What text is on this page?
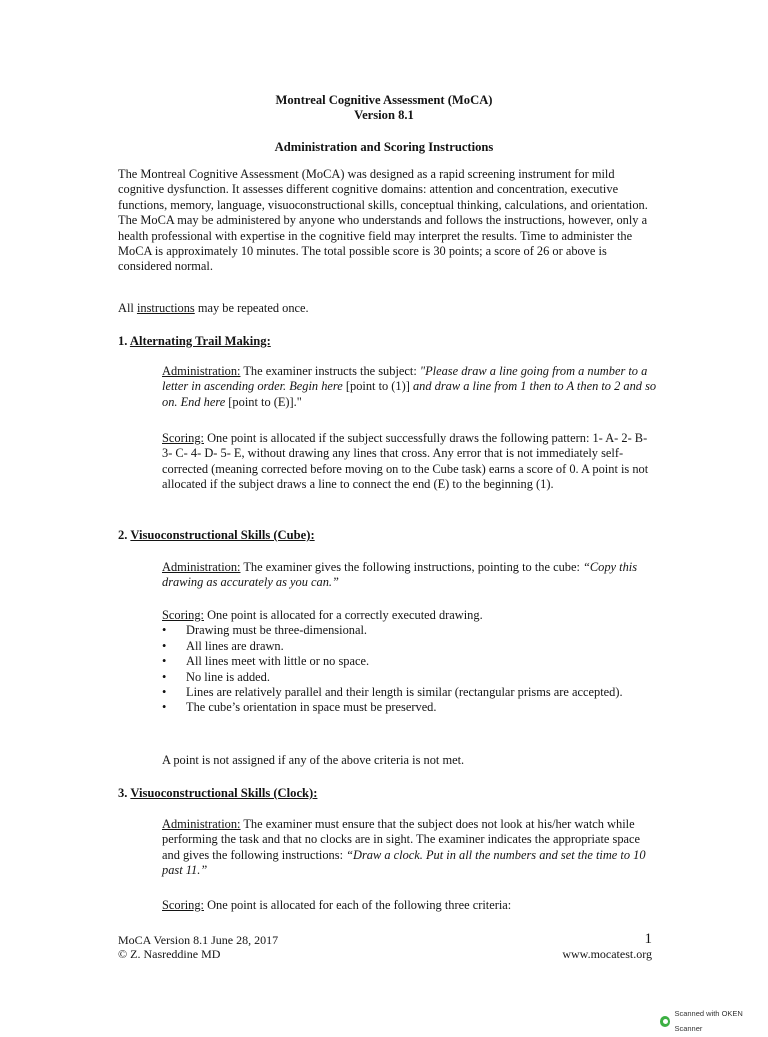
Montreal Cognitive Assessment (MoCA)
Version 8.1
Administration and Scoring Instructions
The Montreal Cognitive Assessment (MoCA) was designed as a rapid screening instrument for mild cognitive dysfunction. It assesses different cognitive domains: attention and concentration, executive functions, memory, language, visuoconstructional skills, conceptual thinking, calculations, and orientation. The MoCA may be administered by anyone who understands and follows the instructions, however, only a health professional with expertise in the cognitive field may interpret the results. Time to administer the MoCA is approximately 10 minutes. The total possible score is 30 points; a score of 26 or above is considered normal.
All instructions may be repeated once.
1. Alternating Trail Making:
Administration: The examiner instructs the subject: "Please draw a line going from a number to a letter in ascending order. Begin here [point to (1)] and draw a line from 1 then to A then to 2 and so on. End here [point to (E)]."
Scoring: One point is allocated if the subject successfully draws the following pattern: 1- A- 2- B- 3- C- 4- D- 5- E, without drawing any lines that cross. Any error that is not immediately self-corrected (meaning corrected before moving on to the Cube task) earns a score of 0. A point is not allocated if the subject draws a line to connect the end (E) to the beginning (1).
2. Visuoconstructional Skills (Cube):
Administration: The examiner gives the following instructions, pointing to the cube: “Copy this drawing as accurately as you can.”
Scoring: One point is allocated for a correctly executed drawing.
• Drawing must be three-dimensional.
• All lines are drawn.
• All lines meet with little or no space.
• No line is added.
• Lines are relatively parallel and their length is similar (rectangular prisms are accepted).
• The cube’s orientation in space must be preserved.
A point is not assigned if any of the above criteria is not met.
3. Visuoconstructional Skills (Clock):
Administration: The examiner must ensure that the subject does not look at his/her watch while performing the task and that no clocks are in sight. The examiner indicates the appropriate space and gives the following instructions: “Draw a clock. Put in all the numbers and set the time to 10 past 11.”
Scoring: One point is allocated for each of the following three criteria:
MoCA Version 8.1 June 28, 2017
© Z. Nasreddine MD
1
www.mocatest.org
Scanned with OKEN Scanner
